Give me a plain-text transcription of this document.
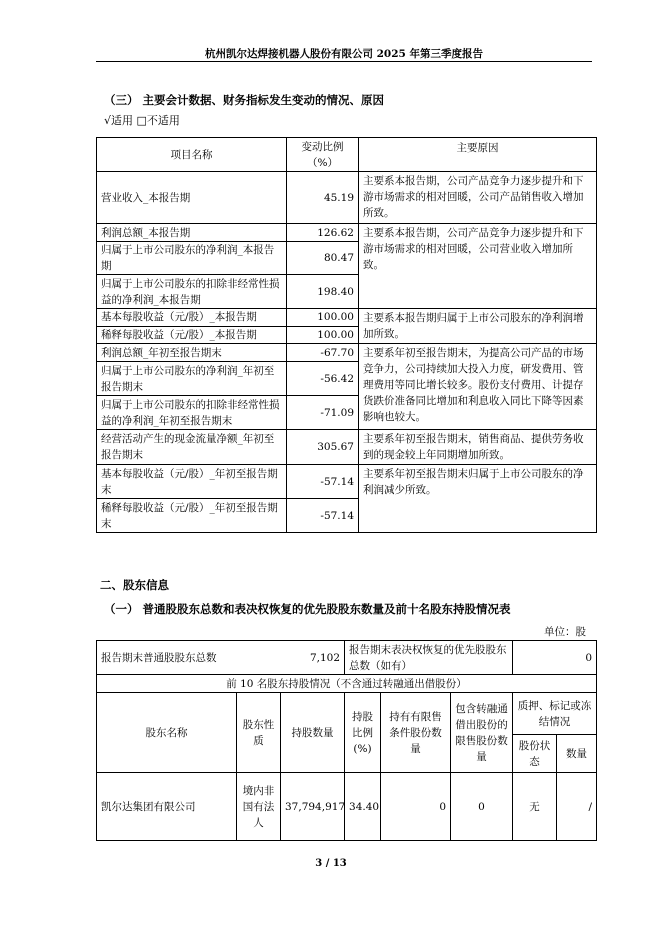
杭州凯尔达焊接机器人股份有限公司 2025 年第三季度报告
（三） 主要会计数据、财务指标发生变动的情况、原因
√适用 □不适用
项目名称	变动比例（%）	主要原因
营业收入_本报告期	45.19	主要系本报告期，公司产品竞争力逐步提升和下游市场需求的相对回暖，公司产品销售收入增加所致。
利润总额_本报告期	126.62	主要系本报告期，公司产品竞争力逐步提升和下游市场需求的相对回暖，公司营业收入增加所致。
归属于上市公司股东的净利润_本报告期	80.47	
归属于上市公司股东的扣除非经常性损益的净利润_本报告期	198.40	
基本每股收益（元/股）_本报告期	100.00	主要系本报告期归属于上市公司股东的净利润增加所致。
稀释每股收益（元/股）_本报告期	100.00	
利润总额_年初至报告期末	-67.70	主要系年初至报告期末，为提高公司产品的市场竞争力，公司持续加大投入力度，研发费用、管理费用等同比增长较多。股份支付费用、计提存货跌价准备同比增加和利息收入同比下降等因素影响也较大。
归属于上市公司股东的净利润_年初至报告期末	-56.42	
归属于上市公司股东的扣除非经常性损益的净利润_年初至报告期末	-71.09	
经营活动产生的现金流量净额_年初至报告期末	305.67	主要系年初至报告期末，销售商品、提供劳务收到的现金较上年同期增加所致。
基本每股收益（元/股）_年初至报告期末	-57.14	主要系年初至报告期末归属于上市公司股东的净利润减少所致。
稀释每股收益（元/股）_年初至报告期末	-57.14	
二、股东信息
（一） 普通股股东总数和表决权恢复的优先股股东数量及前十名股东持股情况表
单位：股
报告期末普通股股东总数 7,102			报告期末表决权恢复的优先股股东总数（如有）			0	
前 10 名股东持股情况（不含通过转融通出借股份）							
股东名称	股东性质	持股数量	持股比例(%)	持有有限售条件股份数量	包含转融通借出股份的限售股份数量	质押、标记或冻结情况	
						股份状态	数量
凯尔达集团有限公司	境内非国有法人	37,794,917	34.40	0	0	无	/
3 / 13
